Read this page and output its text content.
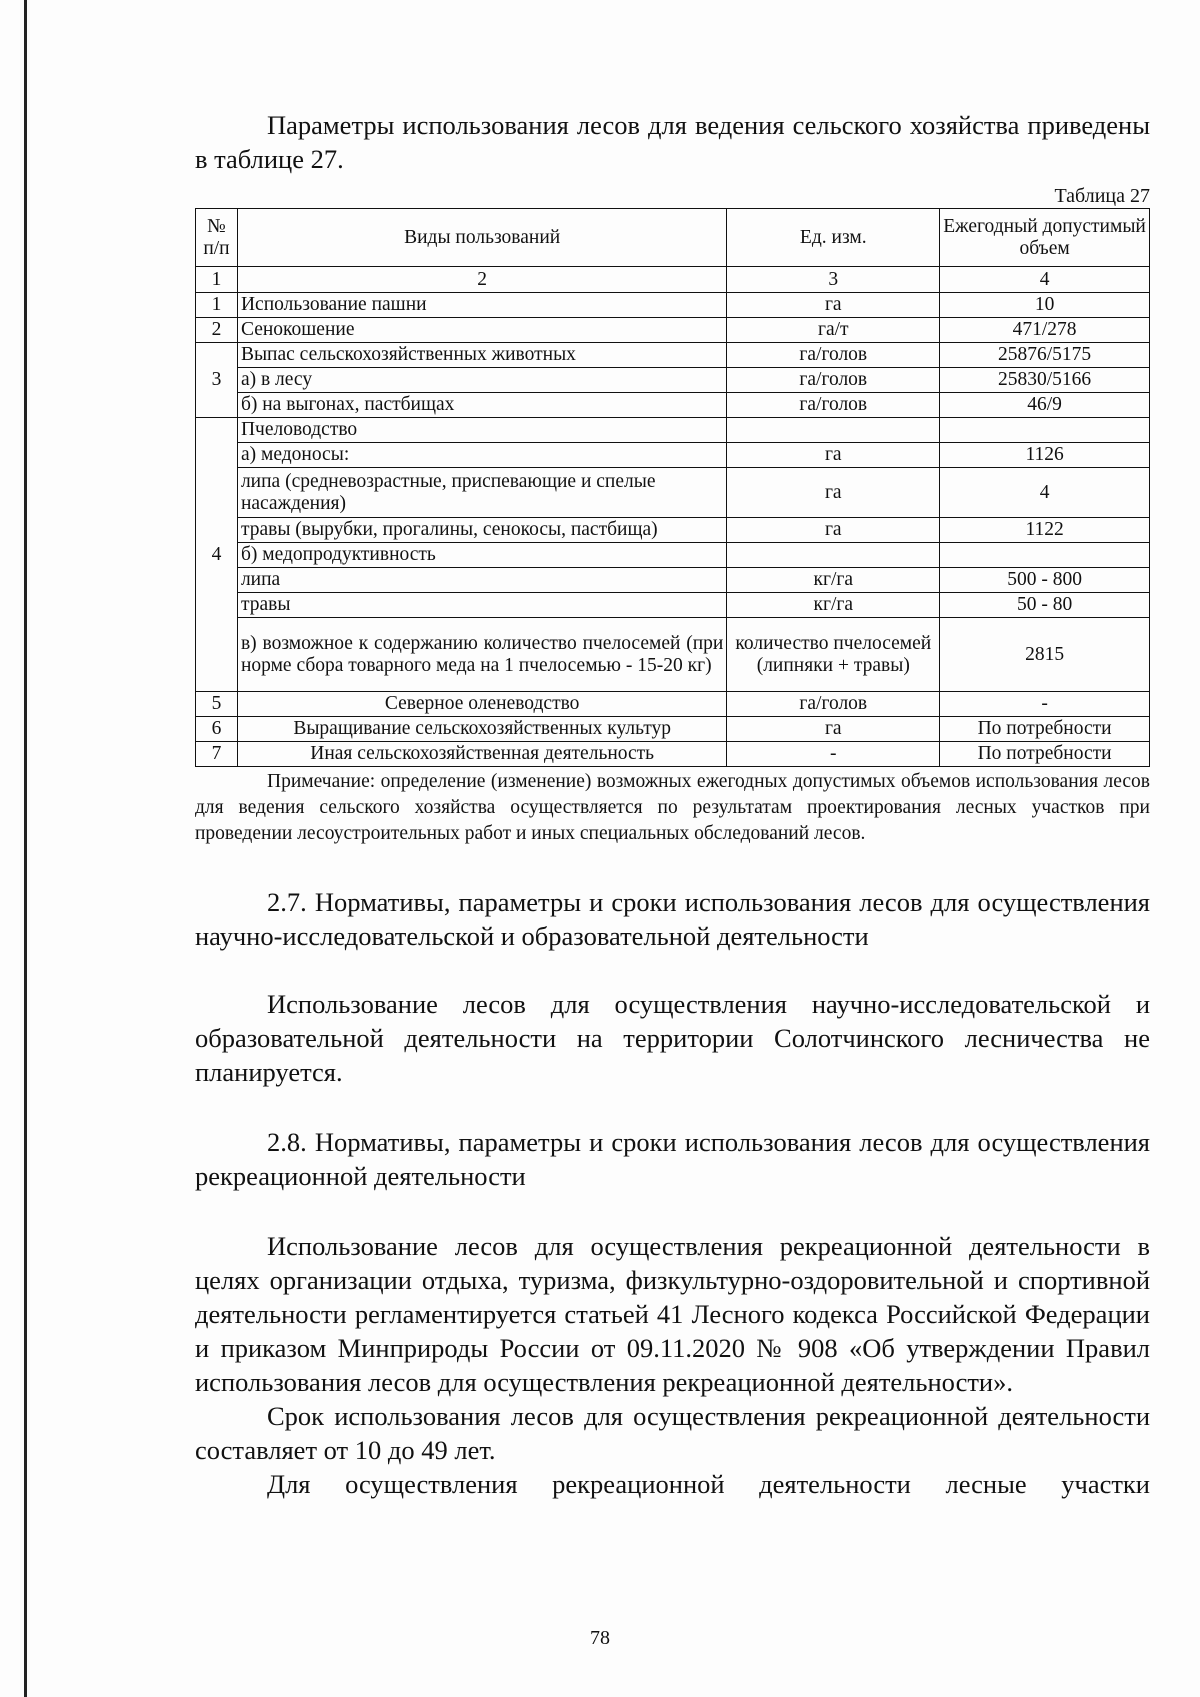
Параметры использования лесов для ведения сельского хозяйства приведены в таблице 27.

Таблица 27

№ п/п	Виды пользований	Ед. изм.	Ежегодный допустимый объем
1	2	3	4
1	Использование пашни	га	10
2	Сенокошение	га/т	471/278
3	Выпас сельскохозяйственных животных	га/голов	25876/5175
	а) в лесу	га/голов	25830/5166
	б) на выгонах, пастбищах	га/голов	46/9
4	Пчеловодство		
	а) медоносы:	га	1126
	липа (средневозрастные, приспевающие и спелые насаждения)	га	4
	травы (вырубки, прогалины, сенокосы, пастбища)	га	1122
	б) медопродуктивность		
	липа	кг/га	500 - 800
	травы	кг/га	50 - 80
	в) возможное к содержанию количество пчелосемей (при норме сбора товарного меда на 1 пчелосемью - 15-20 кг)	количество пчелосемей (липняки + травы)	2815
5	Северное оленеводство	га/голов	-
6	Выращивание сельскохозяйственных культур	га	По потребности
7	Иная сельскохозяйственная деятельность	-	По потребности

Примечание: определение (изменение) возможных ежегодных допустимых объемов использования лесов для ведения сельского хозяйства осуществляется по результатам проектирования лесных участков при проведении лесоустроительных работ и иных специальных обследований лесов.

2.7. Нормативы, параметры и сроки использования лесов для осуществления научно-исследовательской и образовательной деятельности

Использование лесов для осуществления научно-исследовательской и образовательной деятельности на территории Солотчинского лесничества не планируется.

2.8. Нормативы, параметры и сроки использования лесов для осуществления рекреационной деятельности

Использование лесов для осуществления рекреационной деятельности в целях организации отдыха, туризма, физкультурно-оздоровительной и спортивной деятельности регламентируется статьей 41 Лесного кодекса Российской Федерации и приказом Минприроды России от 09.11.2020 № 908 «Об утверждении Правил использования лесов для осуществления рекреационной деятельности».

Срок использования лесов для осуществления рекреационной деятельности составляет от 10 до 49 лет.

Для осуществления рекреационной деятельности лесные участки

78
